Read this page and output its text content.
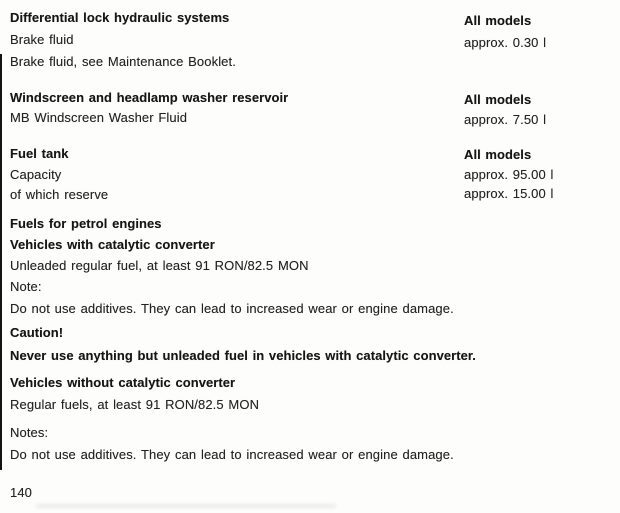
Differential lock hydraulic systems	All models
Brake fluid	approx. 0.30 l
Brake fluid, see Maintenance Booklet.
Windscreen and headlamp washer reservoir	All models
MB Windscreen Washer Fluid	approx. 7.50 l
Fuel tank	All models
Capacity	approx. 95.00 l
of which reserve	approx. 15.00 l
Fuels for petrol engines
Vehicles with catalytic converter
Unleaded regular fuel, at least 91 RON/82.5 MON
Note:
Do not use additives. They can lead to increased wear or engine damage.
Caution!
Never use anything but unleaded fuel in vehicles with catalytic converter.
Vehicles without catalytic converter
Regular fuels, at least 91 RON/82.5 MON
Notes:
Do not use additives. They can lead to increased wear or engine damage.
140
